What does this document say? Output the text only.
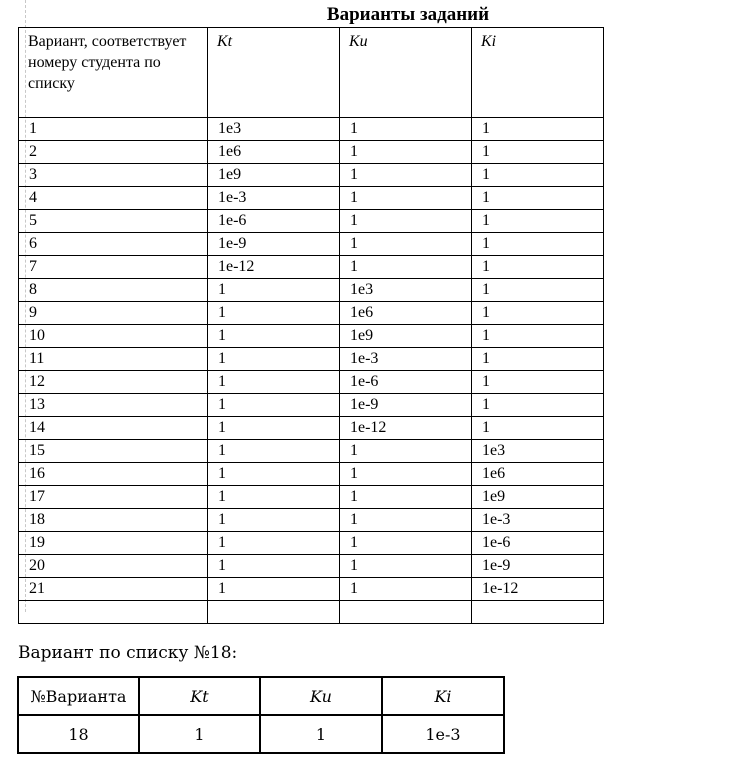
Варианты заданий
Вариант, соответствует номеру студента по списку	Kt	Ku	Ki
1	1e3	1	1
2	1e6	1	1
3	1e9	1	1
4	1e-3	1	1
5	1e-6	1	1
6	1e-9	1	1
7	1e-12	1	1
8	1	1e3	1
9	1	1e6	1
10	1	1e9	1
11	1	1e-3	1
12	1	1e-6	1
13	1	1e-9	1
14	1	1e-12	1
15	1	1	1e3
16	1	1	1e6
17	1	1	1e9
18	1	1	1e-3
19	1	1	1e-6
20	1	1	1e-9
21	1	1	1e-12

Вариант по списку №18:
№Варианта	Kt	Ku	Ki
18	1	1	1e-3
